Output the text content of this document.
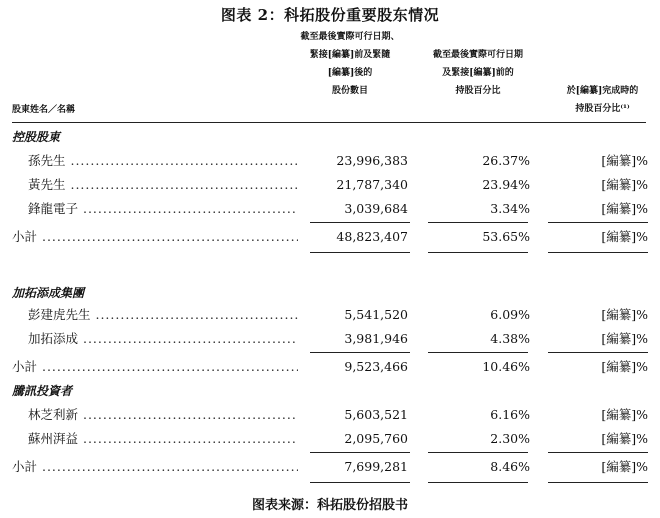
图表 2：科拓股份重要股东情况
截至最後實際可行日期、
緊接[編纂]前及緊隨
[編纂]後的
股份數目
截至最後實際可行日期
及緊接[編纂]前的
持股百分比	於[編纂]完成時的
持股百分比⁽¹⁾
股東姓名／名稱
控股股東
孫先生 .....	23,996,383	26.37%	[編纂]%
黃先生 .....	21,787,340	23.94%	[編纂]%
鋒龍電子 .....	3,039,684	3.34%	[編纂]%
小計 .....	48,823,407	53.65%	[編纂]%
加拓添成集團
彭建虎先生 .....	5,541,520	6.09%	[編纂]%
加拓添成 .....	3,981,946	4.38%	[編纂]%
小計 .....	9,523,466	10.46%	[編纂]%
騰訊投資者
林芝利新 .....	5,603,521	6.16%	[編纂]%
蘇州湃益 .....	2,095,760	2.30%	[編纂]%
小計 .....	7,699,281	8.46%	[編纂]%
图表来源：科拓股份招股书
